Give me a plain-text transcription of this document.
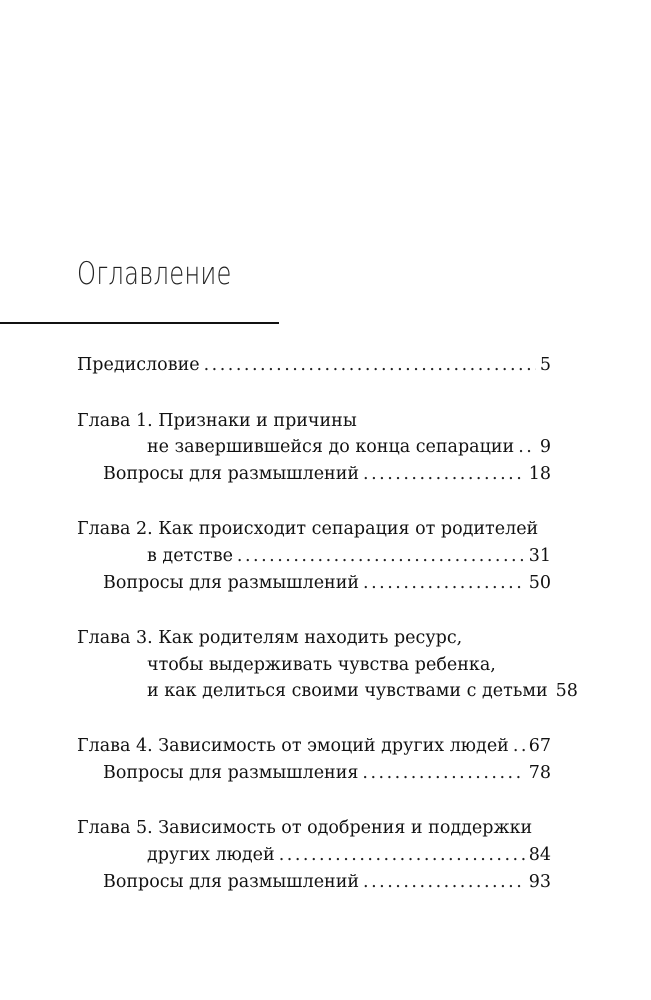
Оглавление
Предисловие .....	5
Глава 1. Признаки и причины
не завершившейся до конца сепарации ..... 9
Вопросы для размышлений .....	18
Глава 2. Как происходит сепарация от родителей
в детстве .....	31
Вопросы для размышлений .....	50
Глава 3. Как родителям находить ресурс,
чтобы выдерживать чувства ребенка,
и как делиться своими чувствами с детьми 58
Глава 4. Зависимость от эмоций других людей ..... 67
Вопросы для размышления .....	78
Глава 5. Зависимость от одобрения и поддержки
других людей .....	84
Вопросы для размышлений .....	93
